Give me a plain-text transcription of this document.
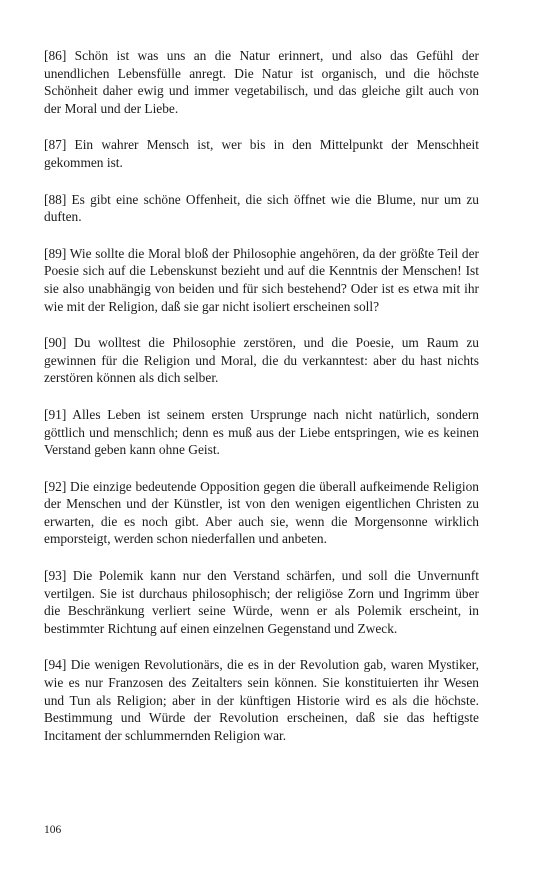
[86] Schön ist was uns an die Natur erinnert, und also das Gefühl der unendlichen Lebensfülle anregt. Die Natur ist organisch, und die höchste Schönheit daher ewig und immer vegetabilisch, und das gleiche gilt auch von der Moral und der Liebe.

[87] Ein wahrer Mensch ist, wer bis in den Mittelpunkt der Menschheit gekommen ist.

[88] Es gibt eine schöne Offenheit, die sich öffnet wie die Blume, nur um zu duften.

[89] Wie sollte die Moral bloß der Philosophie angehören, da der größte Teil der Poesie sich auf die Lebenskunst bezieht und auf die Kenntnis der Menschen! Ist sie also unabhängig von beiden und für sich bestehend? Oder ist es etwa mit ihr wie mit der Religion, daß sie gar nicht isoliert erscheinen soll?

[90] Du wolltest die Philosophie zerstören, und die Poesie, um Raum zu gewinnen für die Religion und Moral, die du verkanntest: aber du hast nichts zerstören können als dich selber.

[91] Alles Leben ist seinem ersten Ursprunge nach nicht natürlich, sondern göttlich und menschlich; denn es muß aus der Liebe entspringen, wie es keinen Verstand geben kann ohne Geist.

[92] Die einzige bedeutende Opposition gegen die überall aufkeimende Religion der Menschen und der Künstler, ist von den wenigen eigentlichen Christen zu erwarten, die es noch gibt. Aber auch sie, wenn die Morgensonne wirklich emporsteigt, werden schon niederfallen und anbeten.

[93] Die Polemik kann nur den Verstand schärfen, und soll die Unvernunft vertilgen. Sie ist durchaus philosophisch; der religiöse Zorn und Ingrimm über die Beschränkung verliert seine Würde, wenn er als Polemik erscheint, in bestimmter Richtung auf einen einzelnen Gegenstand und Zweck.

[94] Die wenigen Revolutionärs, die es in der Revolution gab, waren Mystiker, wie es nur Franzosen des Zeitalters sein können. Sie konstituierten ihr Wesen und Tun als Religion; aber in der künftigen Historie wird es als die höchste. Bestimmung und Würde der Revolution erscheinen, daß sie das heftigste Incitament der schlummernden Religion war.

106
